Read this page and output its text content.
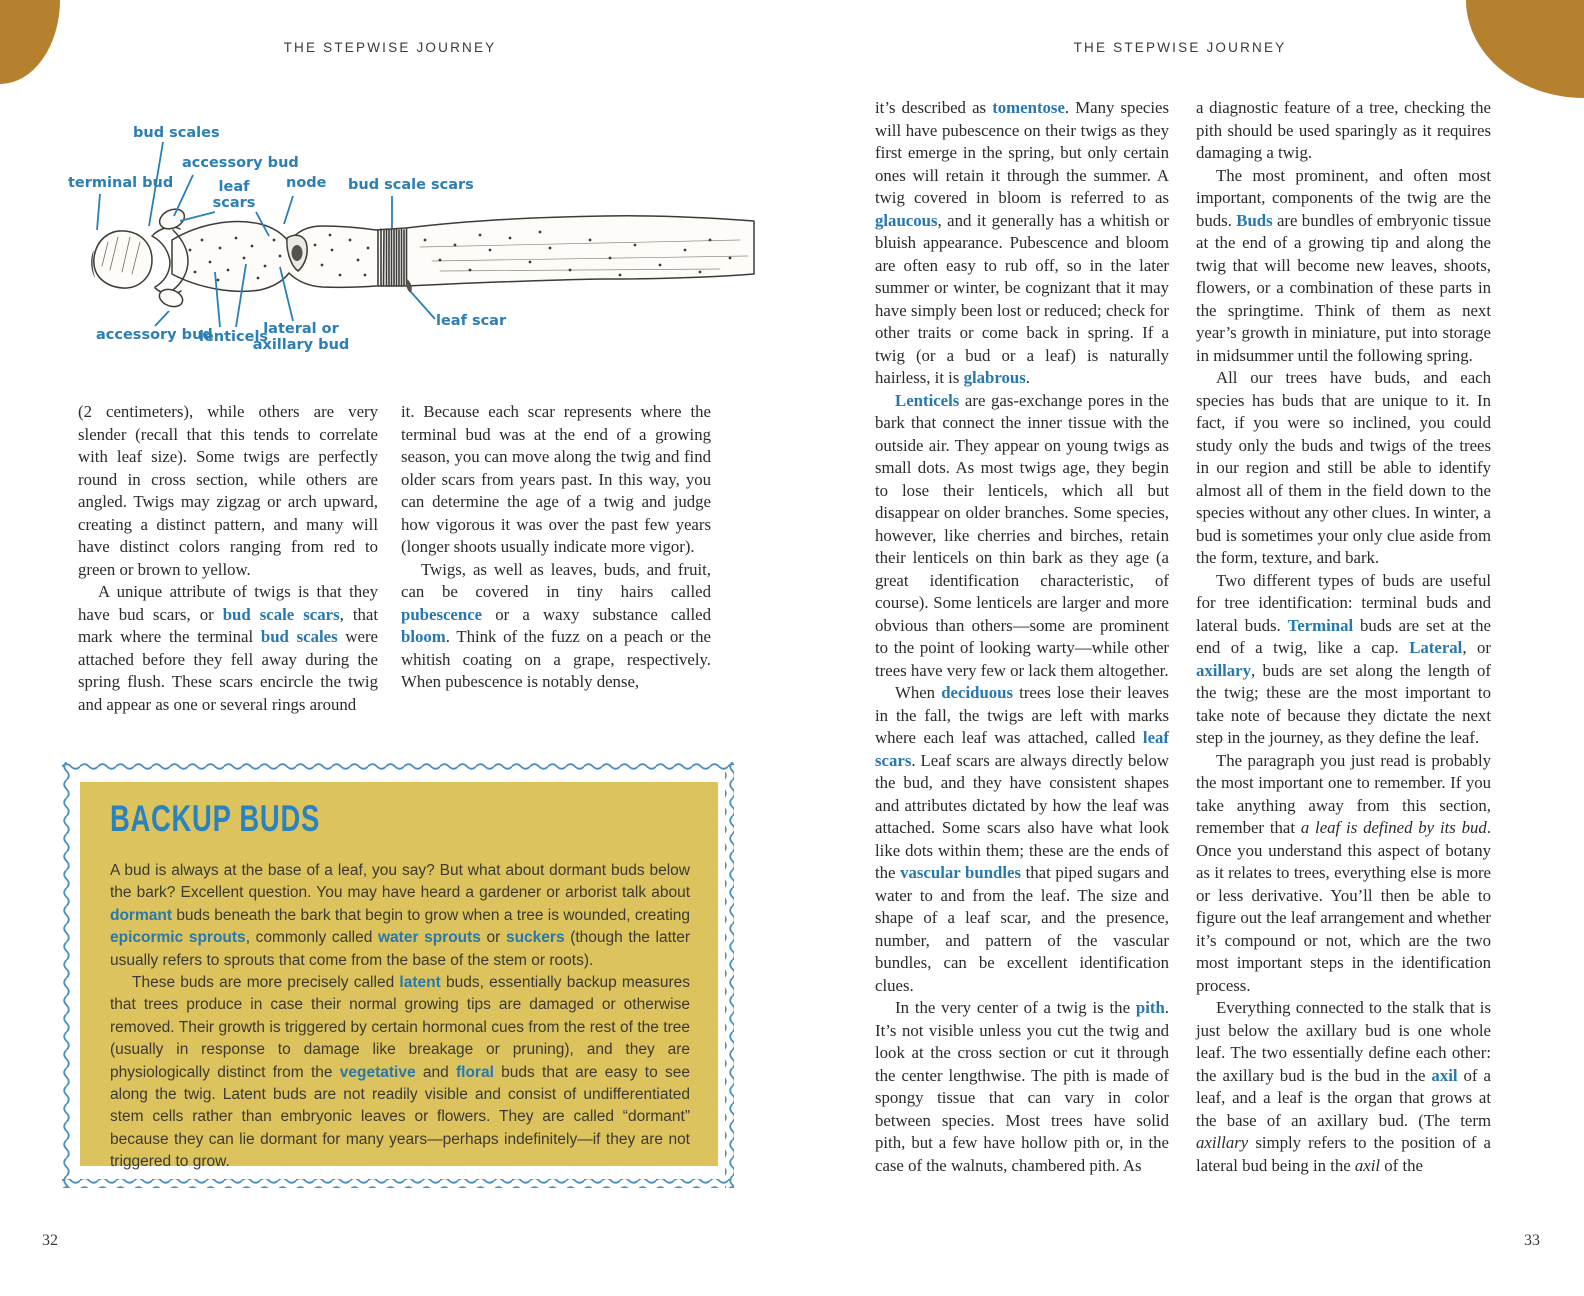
THE STEPWISE JOURNEY	THE STEPWISE JOURNEY
bud scales
accessory bud
terminal bud	leaf scars
node bud scale scars
accessory bud
lenticels
lateral or axillary bud
leaf scar

(2 centimeters), while others are very slender (recall that this tends to correlate with leaf size). Some twigs are perfectly round in cross section, while others are angled. Twigs may zigzag or arch upward, creating a distinct pattern, and many will have distinct colors ranging from red to green or brown to yellow.

A unique attribute of twigs is that they have bud scars, or bud scale scars, that mark where the terminal bud scales were attached before they fell away during the spring flush. These scars encircle the twig and appear as one or several rings around

it. Because each scar represents where the terminal bud was at the end of a growing season, you can move along the twig and find older scars from years past. In this way, you can determine the age of a twig and judge how vigorous it was over the past few years (longer shoots usually indicate more vigor).

Twigs, as well as leaves, buds, and fruit, can be covered in tiny hairs called pubescence or a waxy substance called bloom. Think of the fuzz on a peach or the whitish coating on a grape, respectively. When pubescence is notably dense,

BACKUP BUDS

A bud is always at the base of a leaf, you say? But what about dormant buds below the bark? Excellent question. You may have heard a gardener or arborist talk about dormant buds beneath the bark that begin to grow when a tree is wounded, creating epicormic sprouts, commonly called water sprouts or suckers (though the latter usually refers to sprouts that come from the base of the stem or roots).

These buds are more precisely called latent buds, essentially backup measures that trees produce in case their normal growing tips are damaged or otherwise removed. Their growth is triggered by certain hormonal cues from the rest of the tree (usually in response to damage like breakage or pruning), and they are physiologically distinct from the vegetative and floral buds that are easy to see along the twig. Latent buds are not readily visible and consist of undifferentiated stem cells rather than embryonic leaves or flowers. They are called “dormant” because they can lie dormant for many years—perhaps indefinitely—if they are not triggered to grow.

it’s described as tomentose. Many species will have pubescence on their twigs as they first emerge in the spring, but only certain ones will retain it through the summer. A twig covered in bloom is referred to as glaucous, and it generally has a whitish or bluish appearance. Pubescence and bloom are often easy to rub off, so in the later summer or winter, be cognizant that it may have simply been lost or reduced; check for other traits or come back in spring. If a twig (or a bud or a leaf) is naturally hairless, it is glabrous.

Lenticels are gas-exchange pores in the bark that connect the inner tissue with the outside air. They appear on young twigs as small dots. As most twigs age, they begin to lose their lenticels, which all but disappear on older branches. Some species, however, like cherries and birches, retain their lenticels on thin bark as they age (a great identification characteristic, of course). Some lenticels are larger and more obvious than others—some are prominent to the point of looking warty—while other trees have very few or lack them altogether.

When deciduous trees lose their leaves in the fall, the twigs are left with marks where each leaf was attached, called leaf scars. Leaf scars are always directly below the bud, and they have consistent shapes and attributes dictated by how the leaf was attached. Some scars also have what look like dots within them; these are the ends of the vascular bundles that piped sugars and water to and from the leaf. The size and shape of a leaf scar, and the presence, number, and pattern of the vascular bundles, can be excellent identification clues.

In the very center of a twig is the pith. It’s not visible unless you cut the twig and look at the cross section or cut it through the center lengthwise. The pith is made of spongy tissue that can vary in color between species. Most trees have solid pith, but a few have hollow pith or, in the case of the walnuts, chambered pith. As

a diagnostic feature of a tree, checking the pith should be used sparingly as it requires damaging a twig.

The most prominent, and often most important, components of the twig are the buds. Buds are bundles of embryonic tissue at the end of a growing tip and along the twig that will become new leaves, shoots, flowers, or a combination of these parts in the springtime. Think of them as next year’s growth in miniature, put into storage in midsummer until the following spring.

All our trees have buds, and each species has buds that are unique to it. In fact, if you were so inclined, you could study only the buds and twigs of the trees in our region and still be able to identify almost all of them in the field down to the species without any other clues. In winter, a bud is sometimes your only clue aside from the form, texture, and bark.

Two different types of buds are useful for tree identification: terminal buds and lateral buds. Terminal buds are set at the end of a twig, like a cap. Lateral, or axillary, buds are set along the length of the twig; these are the most important to take note of because they dictate the next step in the journey, as they define the leaf.

The paragraph you just read is probably the most important one to remember. If you take anything away from this section, remember that a leaf is defined by its bud. Once you understand this aspect of botany as it relates to trees, everything else is more or less derivative. You’ll then be able to figure out the leaf arrangement and whether it’s compound or not, which are the two most important steps in the identification process.

Everything connected to the stalk that is just below the axillary bud is one whole leaf. The two essentially define each other: the axillary bud is the bud in the axil of a leaf, and a leaf is the organ that grows at the base of an axillary bud. (The term axillary simply refers to the position of a lateral bud being in the axil of the

32	33
